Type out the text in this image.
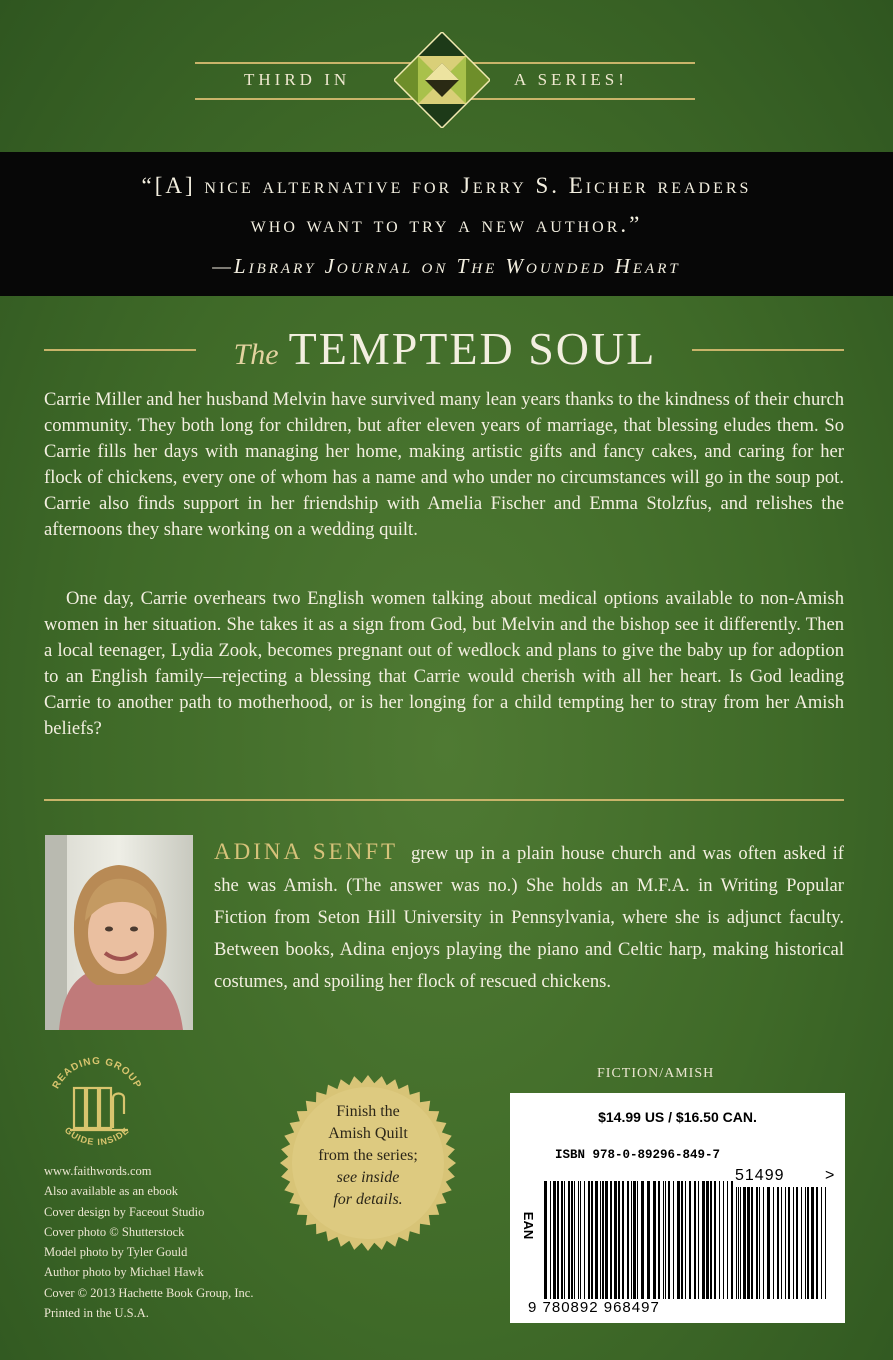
THIRD IN	A SERIES!
“[A] nice alternative for Jerry S. Eicher readers
who want to try a new author.”
—Library Journal on The Wounded Heart
The TEMPTED SOUL
Carrie Miller and her husband Melvin have survived many lean years thanks to the kindness of their church community. They both long for children, but after eleven years of marriage, that blessing eludes them. So Carrie fills her days with managing her home, making artistic gifts and fancy cakes, and caring for her flock of chickens, every one of whom has a name and who under no circumstances will go in the soup pot. Carrie also finds support in her friendship with Amelia Fischer and Emma Stolzfus, and relishes the afternoons they share working on a wedding quilt.
One day, Carrie overhears two English women talking about medical options available to non-Amish women in her situation. She takes it as a sign from God, but Melvin and the bishop see it differently. Then a local teenager, Lydia Zook, becomes pregnant out of wedlock and plans to give the baby up for adoption to an English family—rejecting a blessing that Carrie would cherish with all her heart. Is God leading Carrie to another path to motherhood, or is her longing for a child tempting her to stray from her Amish beliefs?
ADINA SENFT grew up in a plain house church and was often asked if she was Amish. (The answer was no.) She holds an M.F.A. in Writing Popular Fiction from Seton Hill University in Pennsylvania, where she is adjunct faculty. Between books, Adina enjoys playing the piano and Celtic harp, making historical costumes, and spoiling her flock of rescued chickens.
READING GROUP
GUIDE INSIDE
www.faithwords.com
Also available as an ebook
Cover design by Faceout Studio
Cover photo © Shutterstock
Model photo by Tyler Gould
Author photo by Michael Hawk
Cover © 2013 Hachette Book Group, Inc.
Printed in the U.S.A.
Finish the
Amish Quilt
from the series;
see inside
for details.
FICTION/AMISH
$14.99 US / $16.50 CAN.
ISBN 978-0-89296-849-7
EAN
51499	>
9 780892 968497
